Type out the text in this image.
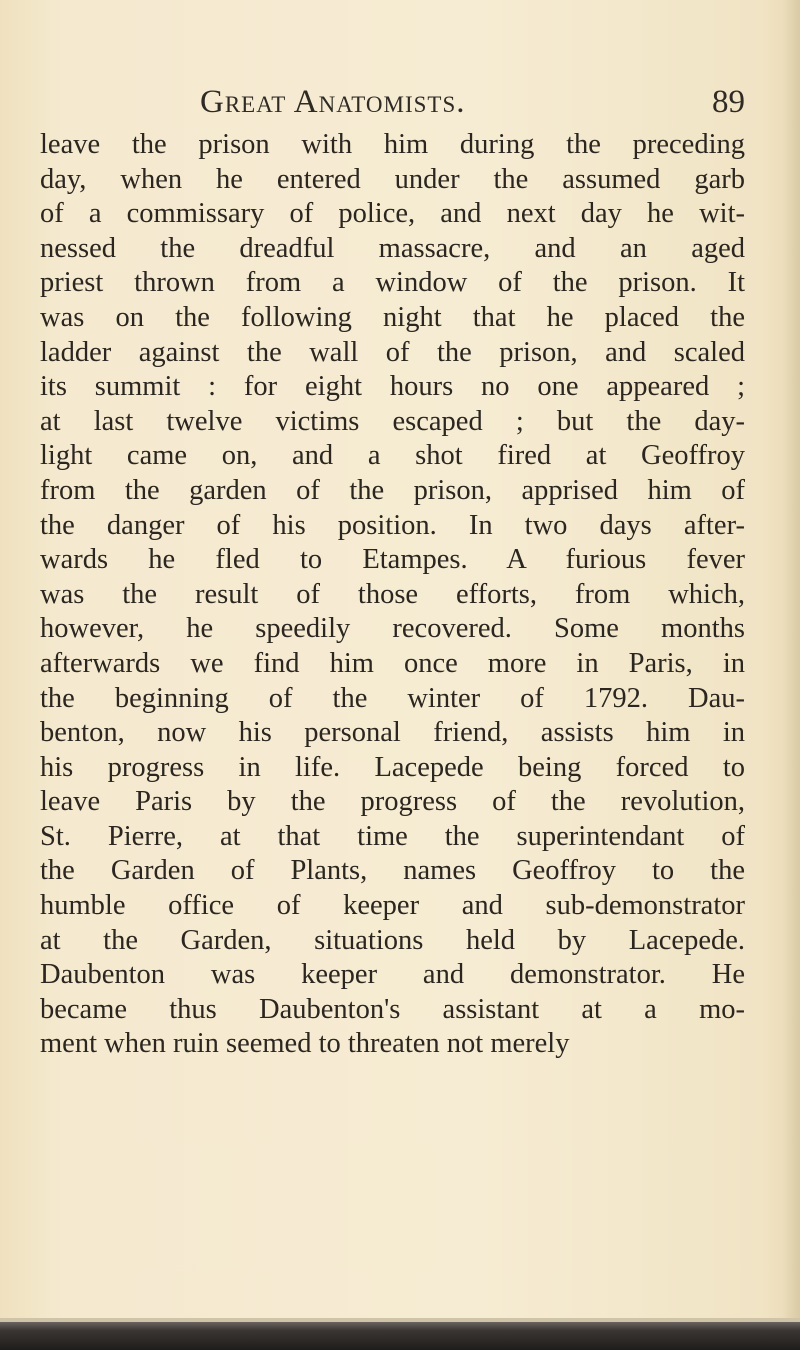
Great Anatomists.	89
leave the prison with him during the preceding
day, when he entered under the assumed garb
of a commissary of police, and next day he wit-
nessed the dreadful massacre, and an aged
priest thrown from a window of the prison. It
was on the following night that he placed the
ladder against the wall of the prison, and scaled
its summit : for eight hours no one appeared ;
at last twelve victims escaped ; but the day-
light came on, and a shot fired at Geoffroy
from the garden of the prison, apprised him of
the danger of his position. In two days after-
wards he fled to Etampes. A furious fever
was the result of those efforts, from which,
however, he speedily recovered. Some months
afterwards we find him once more in Paris, in
the beginning of the winter of 1792. Dau-
benton, now his personal friend, assists him in
his progress in life. Lacepede being forced to
leave Paris by the progress of the revolution,
St. Pierre, at that time the superintendant of
the Garden of Plants, names Geoffroy to the
humble office of keeper and sub-demonstrator
at the Garden, situations held by Lacepede.
Daubenton was keeper and demonstrator. He
became thus Daubenton's assistant at a mo-
ment when ruin seemed to threaten not merely
